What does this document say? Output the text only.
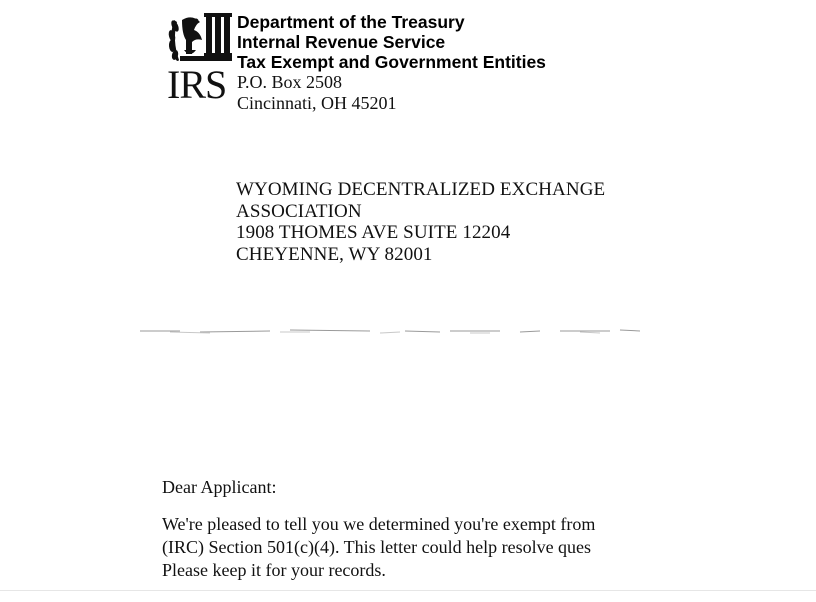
IRS
Department of the Treasury
Internal Revenue Service
Tax Exempt and Government Entities
P.O. Box 2508
Cincinnati, OH 45201
WYOMING DECENTRALIZED EXCHANGE
ASSOCIATION
1908 THOMES AVE SUITE 12204
CHEYENNE, WY 82001
Dear Applicant:
We're pleased to tell you we determined you're exempt from
(IRC) Section 501(c)(4). This letter could help resolve ques
Please keep it for your records.
